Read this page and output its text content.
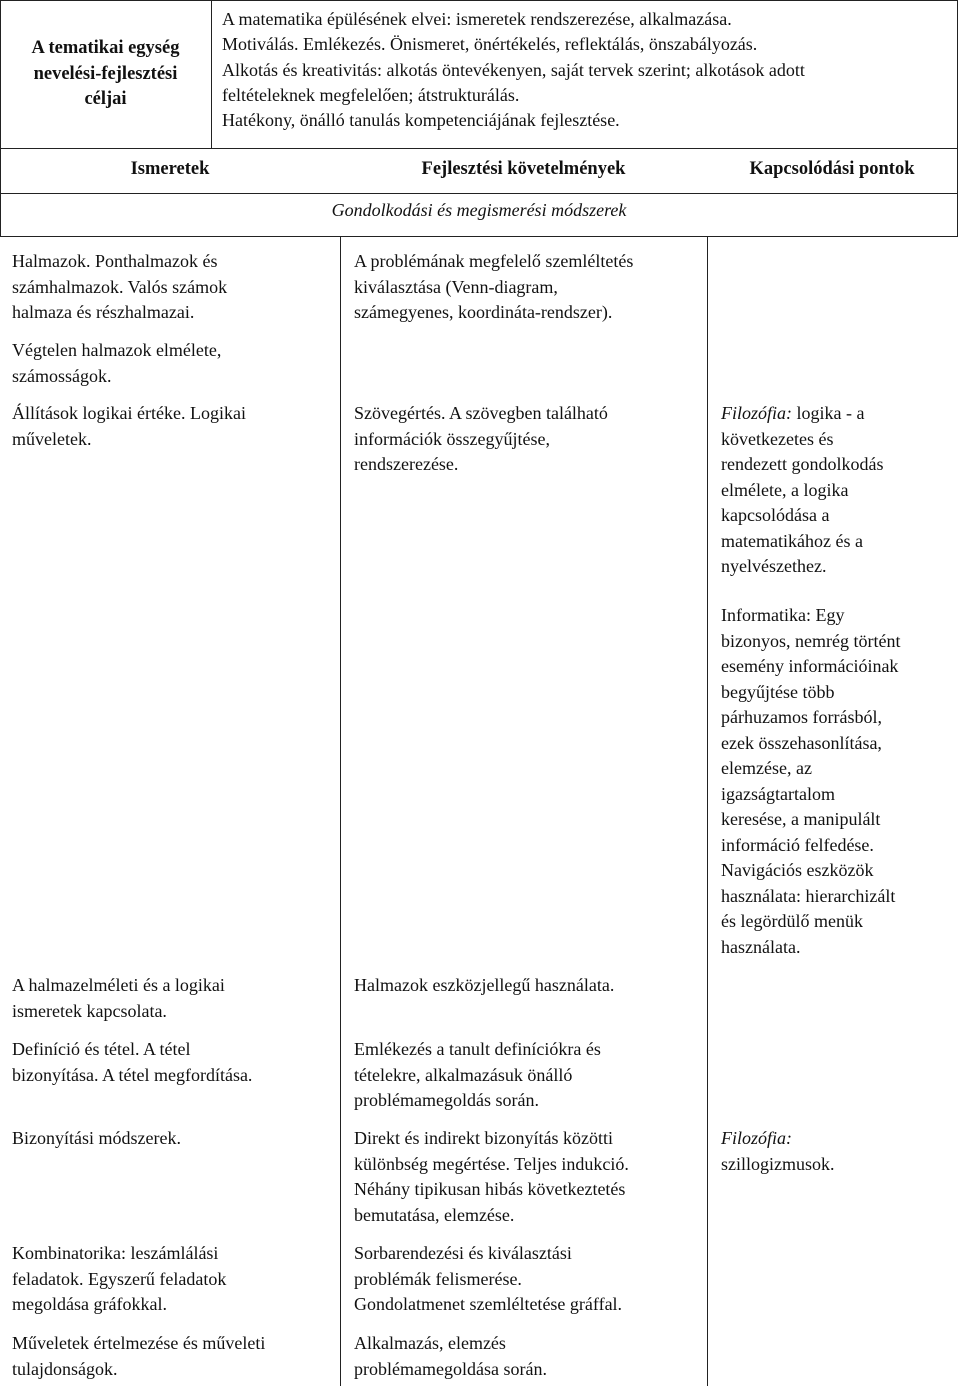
A tematikai egység
nevelési-fejlesztési
céljai
A matematika épülésének elvei: ismeretek rendszerezése, alkalmazása.
Motiválás. Emlékezés. Önismeret, önértékelés, reflektálás, önszabályozás.
Alkotás és kreativitás: alkotás öntevékenyen, saját tervek szerint; alkotások adott
feltételeknek megfelelően; átstrukturálás.
Hatékony, önálló tanulás kompetenciájának fejlesztése.
Ismeretek	Fejlesztési követelmények	Kapcsolódási pontok
Gondolkodási és megismerési módszerek
Halmazok. Ponthalmazok és
számhalmazok. Valós számok
halmaza és részhalmazai.
Végtelen halmazok elmélete,
számosságok.
Állítások logikai értéke. Logikai
műveletek.
A halmazelméleti és a logikai
ismeretek kapcsolata.
Definíció és tétel. A tétel
bizonyítása. A tétel megfordítása.
Bizonyítási módszerek.
Kombinatorika: leszámlálási
feladatok. Egyszerű feladatok
megoldása gráfokkal.
Műveletek értelmezése és műveleti
tulajdonságok.
A problémának megfelelő szemléltetés
kiválasztása (Venn-diagram,
számegyenes, koordináta-rendszer).
Szövegértés. A szövegben található
információk összegyűjtése,
rendszerezése.
Halmazok eszközjellegű használata.
Emlékezés a tanult definíciókra és
tételekre, alkalmazásuk önálló
problémamegoldás során.
Direkt és indirekt bizonyítás közötti
különbség megértése. Teljes indukció.
Néhány tipikusan hibás következtetés
bemutatása, elemzése.
Sorbarendezési és kiválasztási
problémák felismerése.
Gondolatmenet szemléltetése gráffal.
Alkalmazás, elemzés
problémamegoldása során.
Filozófia: logika - a
következetes és
rendezett gondolkodás
elmélete, a logika
kapcsolódása a
matematikához és a
nyelvészethez.
Informatika: Egy
bizonyos, nemrég történt
esemény információinak
begyűjtése több
párhuzamos forrásból,
ezek összehasonlítása,
elemzése, az
igazságtartalom
keresése, a manipulált
információ felfedése.
Navigációs eszközök
használata: hierarchizált
és legördülő menük
használata.
Filozófia:
szillogizmusok.
